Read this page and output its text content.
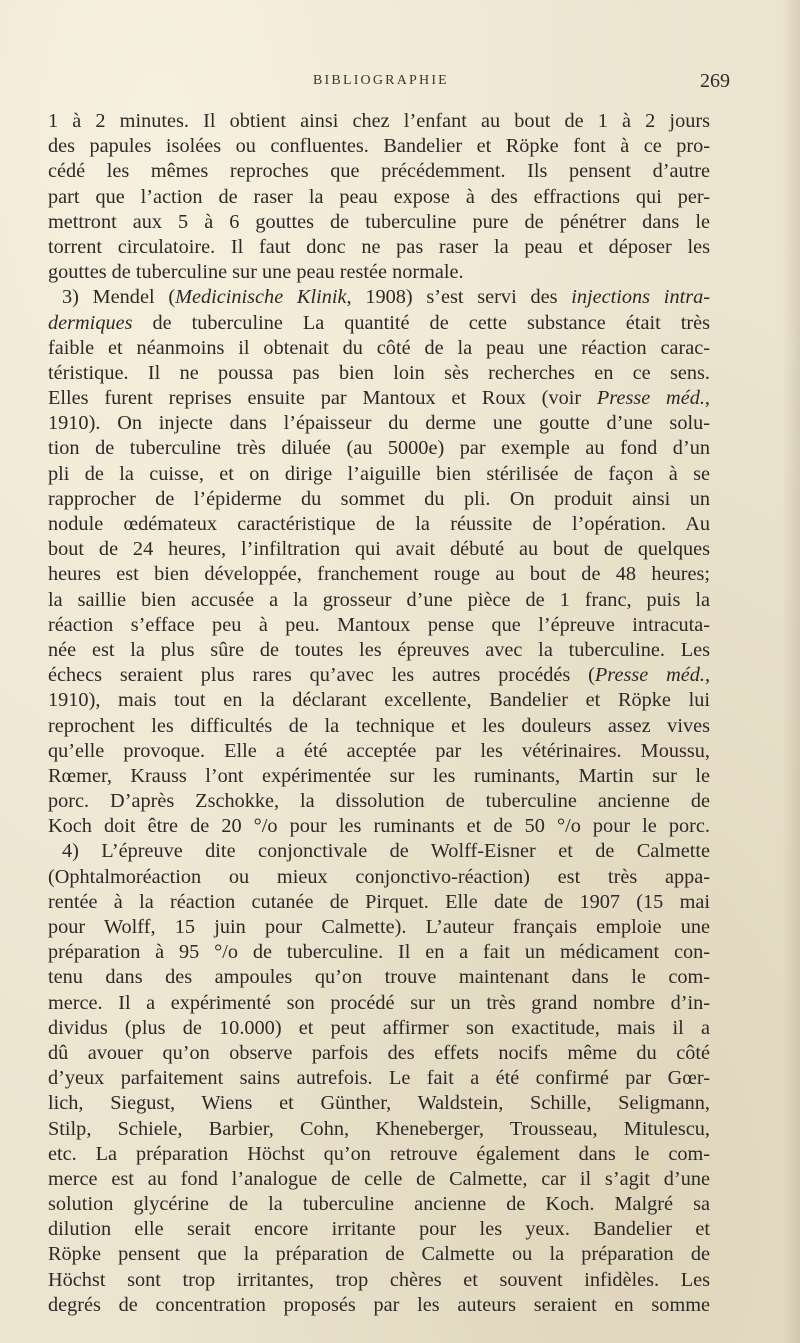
BIBLIOGRAPHIE	269
1 à 2 minutes. Il obtient ainsi chez l’enfant au bout de 1 à 2 jours
des papules isolées ou confluentes. Bandelier et Röpke font à ce pro-
cédé les mêmes reproches que précédemment. Ils pensent d’autre
part que l’action de raser la peau expose à des effractions qui per-
mettront aux 5 à 6 gouttes de tuberculine pure de pénétrer dans le
torrent circulatoire. Il faut donc ne pas raser la peau et déposer les
gouttes de tuberculine sur une peau restée normale.
3) Mendel (Medicinische Klinik, 1908) s’est servi des injections intra-
dermiques de tuberculine La quantité de cette substance était très
faible et néanmoins il obtenait du côté de la peau une réaction carac-
téristique. Il ne poussa pas bien loin sès recherches en ce sens.
Elles furent reprises ensuite par Mantoux et Roux (voir Presse méd.,
1910). On injecte dans l’épaisseur du derme une goutte d’une solu-
tion de tuberculine très diluée (au 5000e) par exemple au fond d’un
pli de la cuisse, et on dirige l’aiguille bien stérilisée de façon à se
rapprocher de l’épiderme du sommet du pli. On produit ainsi un
nodule œdémateux caractéristique de la réussite de l’opération. Au
bout de 24 heures, l’infiltration qui avait débuté au bout de quelques
heures est bien développée, franchement rouge au bout de 48 heures;
la saillie bien accusée a la grosseur d’une pièce de 1 franc, puis la
réaction s’efface peu à peu. Mantoux pense que l’épreuve intracuta-
née est la plus sûre de toutes les épreuves avec la tuberculine. Les
échecs seraient plus rares qu’avec les autres procédés (Presse méd.,
1910), mais tout en la déclarant excellente, Bandelier et Röpke lui
reprochent les difficultés de la technique et les douleurs assez vives
qu’elle provoque. Elle a été acceptée par les vétérinaires. Moussu,
Rœmer, Krauss l’ont expérimentée sur les ruminants, Martin sur le
porc. D’après Zschokke, la dissolution de tuberculine ancienne de
Koch doit être de 20 °/o pour les ruminants et de 50 °/o pour le porc.
4) L’épreuve dite conjonctivale de Wolff-Eisner et de Calmette
(Ophtalmoréaction ou mieux conjonctivo-réaction) est très appa-
rentée à la réaction cutanée de Pirquet. Elle date de 1907 (15 mai
pour Wolff, 15 juin pour Calmette). L’auteur français emploie une
préparation à 95 °/o de tuberculine. Il en a fait un médicament con-
tenu dans des ampoules qu’on trouve maintenant dans le com-
merce. Il a expérimenté son procédé sur un très grand nombre d’in-
dividus (plus de 10.000) et peut affirmer son exactitude, mais il a
dû avouer qu’on observe parfois des effets nocifs même du côté
d’yeux parfaitement sains autrefois. Le fait a été confirmé par Gœr-
lich, Siegust, Wiens et Günther, Waldstein, Schille, Seligmann,
Stilp, Schiele, Barbier, Cohn, Kheneberger, Trousseau, Mitulescu,
etc. La préparation Höchst qu’on retrouve également dans le com-
merce est au fond l’analogue de celle de Calmette, car il s’agit d’une
solution glycérine de la tuberculine ancienne de Koch. Malgré sa
dilution elle serait encore irritante pour les yeux. Bandelier et
Röpke pensent que la préparation de Calmette ou la préparation de
Höchst sont trop irritantes, trop chères et souvent infidèles. Les
degrés de concentration proposés par les auteurs seraient en somme
